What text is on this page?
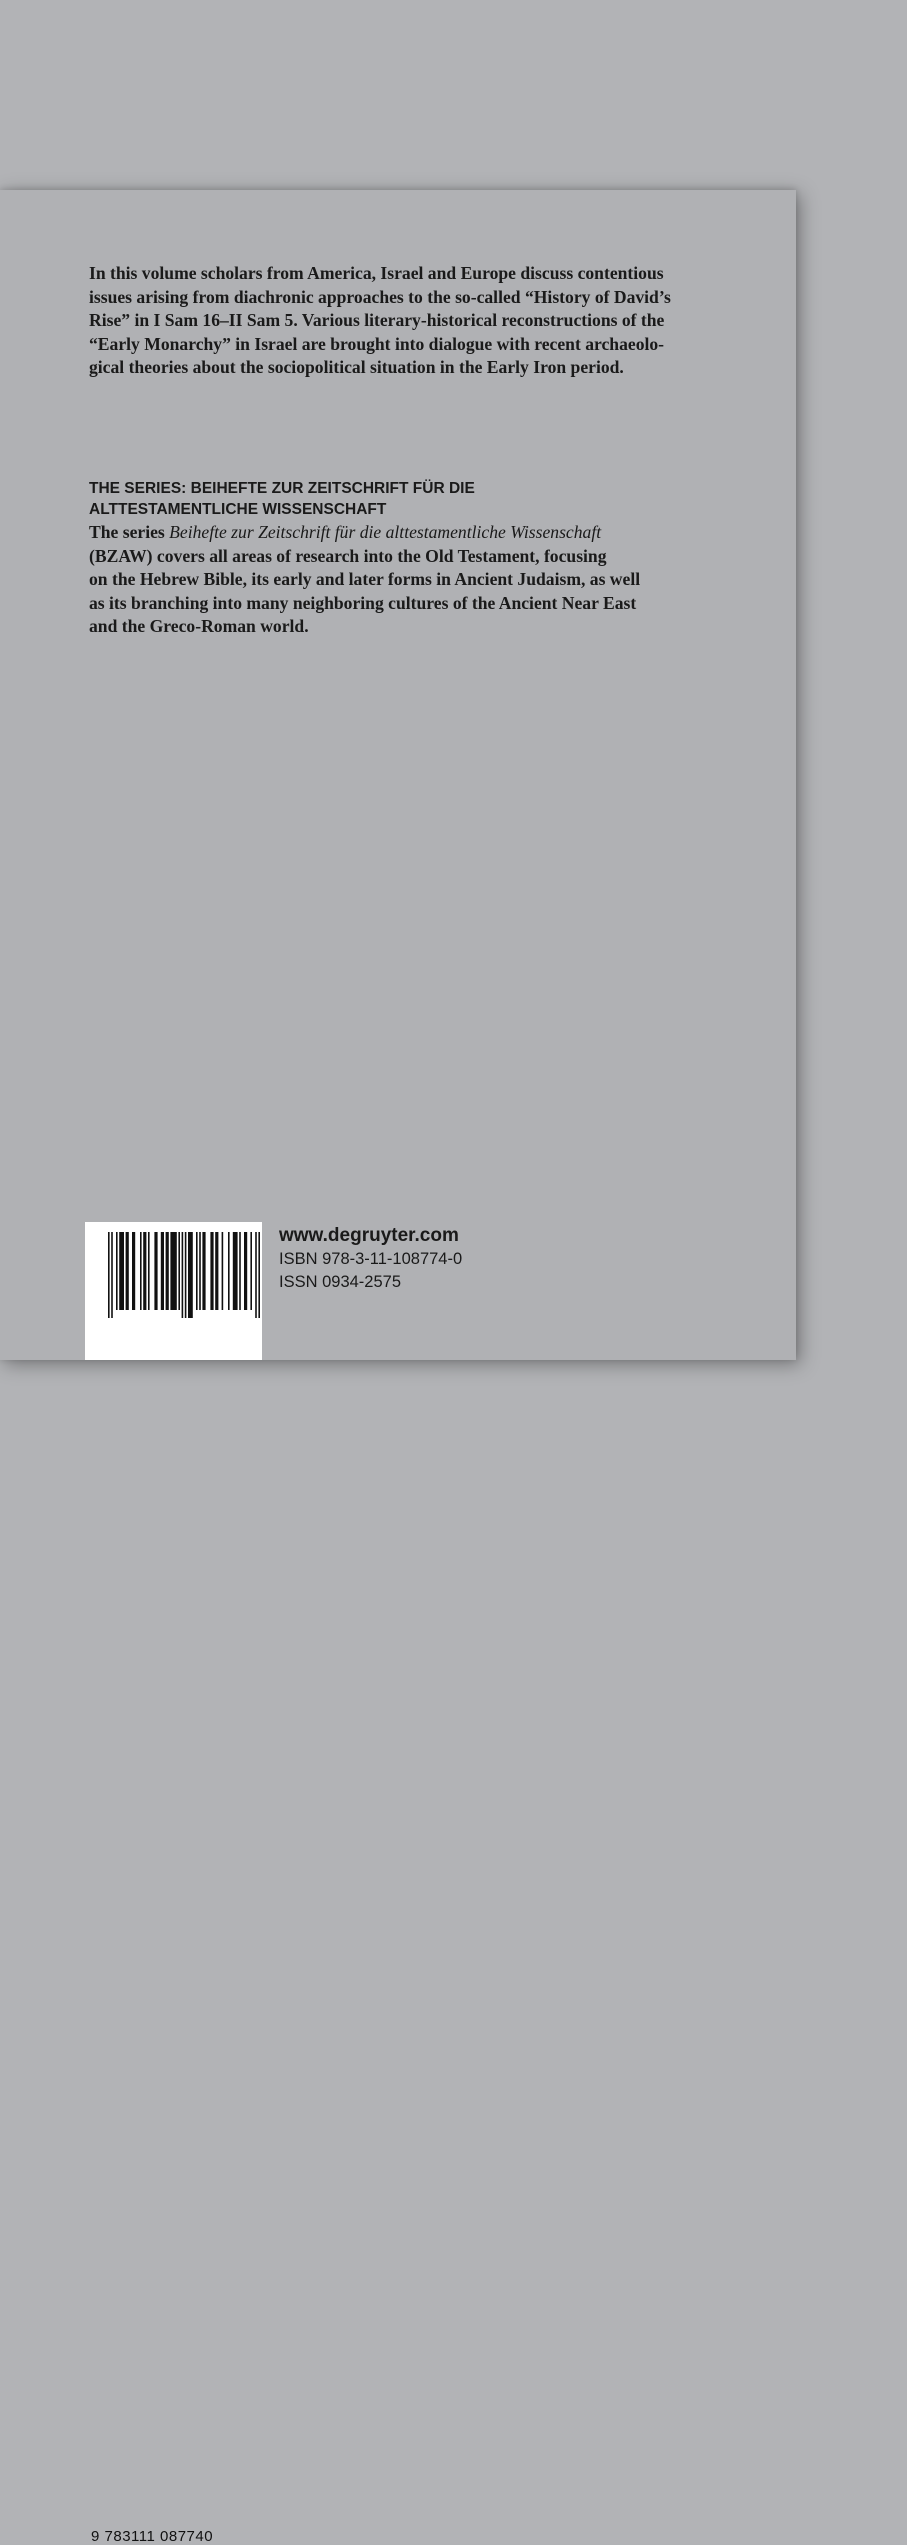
In this volume scholars from America, Israel and Europe discuss contentious
issues arising from diachronic approaches to the so-called “History of David’s
Rise” in I Sam 16–II Sam 5. Various literary-historical reconstructions of the
“Early Monarchy” in Israel are brought into dialogue with recent archaeolo-
gical theories about the sociopolitical situation in the Early Iron period.
THE SERIES: BEIHEFTE ZUR ZEITSCHRIFT FÜR DIE
ALTTESTAMENTLICHE WISSENSCHAFT
The series Beihefte zur Zeitschrift für die alttestamentliche Wissenschaft
(BZAW) covers all areas of research into the Old Testament, focusing
on the Hebrew Bible, its early and later forms in Ancient Judaism, as well
as its branching into many neighboring cultures of the Ancient Near East
and the Greco-Roman world.
9 783111 087740
www.degruyter.com
ISBN 978-3-11-108774-0
ISSN 0934-2575
